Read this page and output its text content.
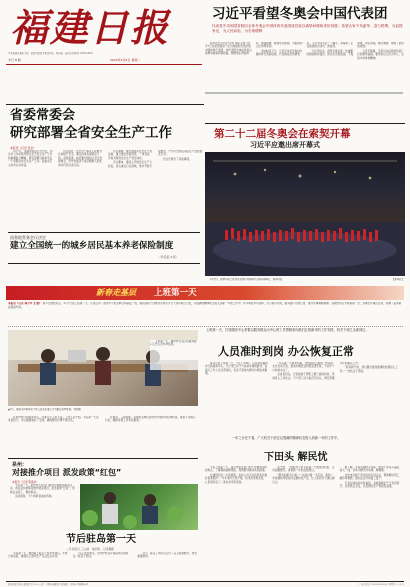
福建日报
中共福建省委机关报 · 福建日报报业集团出版 · 国内统一连续出版物号 CN35-0001
2022年2月8日 星期二
今日 8 版
习近平看望冬奥会中国代表团
代表党中央和国务院向全体冬奥会中国体育代表团成员致以诚挚问候和美好祝愿；希望大家不负韶华、奋力拼搏，为祖国争光，为人民添彩，为冬奥增辉

新华社北京2月7日电 国家主席习近平7日在索契看望了在当地参加冬奥会的中国体育代表团，向代表团全体成员致以诚挚问候和新春祝福，勉励他们再接再厉、顽强拼搏，取得优异成绩，为祖国和人民争得荣誉。

当地时间下午，习近平来到冬奥村中国体育代表团驻地，代表团成员热情欢迎。习近平同大家一一握手，并看望了正在备战的运动员、教练员。

习近平指出，索契冬奥会是一次重要的国际体育盛会。同志们远离祖国，不畏艰难，刻苦训练，敢打敢拼，取得了很好的成绩。

习近平强调，冬季运动在我国有着广泛的群众基础。要坚持以人民为中心，弘扬中华体育精神。

省委常委会
研究部署全省安全生产工作
本报讯（记者 吴洪）

2月7日，省委常委会召开会议，传达学习中央领导同志关于安全生产工作的重要批示精神，研究部署当前和今后一个时期全省安全生产工作。省委书记主持会议并讲话。

会议指出，安全生产事关人民群众生命财产安全，事关改革发展稳定大局。各级党委、政府要牢固树立安全发展理念，坚守发展决不能以牺牲人的生命为代价这条红线。

会议强调，要全面落实安全生产责任制，建立健全党政同责、一岗双责、齐抓共管的安全生产责任体系。

会议要求，要深入开展安全生产大检查，突出重点行业领域，集中开展专项整治，严厉打击非法违法生产经营建设行为。

会议还研究了其他事项。

第二十二届冬奥会在索契开幕
习近平应邀出席开幕式
2月7日，索契冬奥会开幕式在菲什特奥林匹克体育场举行。新华社发	【新华社】
国务院常务会议决定
建立全国统一的城乡居民基本养老保险制度
（详见第 4 版）
新春走基层 上班第一天
本报讯（记者 林宇华 文/图） 春节长假结束后，2月7日是上班第一天。记者走访了省内多个机关单位和基层一线，看到各地干部群众迅速从节日气氛中收心归位，以饱满的精神状态投入到新一年的工作中。许多单位早早到岗，办公秩序井然，服务窗口运转正常，群众办事顺畅便捷。各地纷纷召开新春第一会，部署全年重点任务，吹响了奋进新征程的号角。

上班第一天，福州市仓山区各服务窗口工作人员早早到岗。

上班第一天，打造服务中心带着以服务群众为中心的工作思路来向我们汇报新年的工作安排，机关干部已全部到位。
人员准时到岗 办公恢复正常

春节过后上班第一天，7日上午8时，记者来到福州市行政服务中心，大厅里已有不少前来办事的群众。各窗口工作人员全部到位，有条不紊地为群众办理各类事项。

“节后第一天就来办事，没想到这么顺利。”市民陈先生告诉记者，他来办理营业执照变更手续，不到半个小时就办完了。

在省直机关，记者看到干部职工都已按时到岗，迅速进入工作状态。不少部门当天就召开会议，研究部署今年的重点工作。

“新年新气象，我们要以更加饱满的热情投入工作。”一位机关干部说。

▲7日，泉州市区某单位工作人员在办事大厅为群众办理业务。林伟摄

在泉州市行政服务中心，办事大厅人来人往。工作人员介绍，节后第一天业务量较大，中心提前做好了安排，确保群众办事不排长队。

在莆田、三明等地，各级机关单位也纷纷开展作风纪律检查，督促干部收心归位，确保各项工作有序推进。

一年之计在于春，广大机关干部正以饱满的精神状态投入到新一年的工作中。
下田头 解民忧

节后上班第一天，南平市农业部门的干部就来到田间地头，了解春耕备耕情况，帮助群众解决实际困难。

在建阳区的一片茶园里，农技人员正在指导茶农做好春茶管护。“今年茶叶长势不错，技术员来得及时，心里更有底了。”茶农老李笑着说。

在宁德，一批驻村干部节后第一天就返回村里，走访困难群众，谋划新一年的发展项目。

“群众的事无小事。”一位驻村第一书记说，新的一年将继续带领村民发展特色产业，让大家的日子越过越红火。

据了解，全省各地结合实际，组织干部深入基层、深入一线，切实为群众办实事、解难题。

龙岩市各级干部也纷纷走进企业，帮助解决用工、融资等难题，推动企业尽快复工复产。

记者在漳州采访时看到，各地春耕生产正有序展开，农资供应充足，农民群众生产积极性高涨。

泉州：
对接推介项目 派发政策“红包”
本报讯（记者 陈燕华）

节后第一天，泉州市人社部门组织开展就业服务活动，向企业和求职者推介就业项目，派发政策“红包”，帮助企业招工、群众就业。

活动现场，不少求职者前来咨询。

节后驻岛第一天
二月初四日 三山前 · 福州讯 · 记者摄影

节后第一天，福州海上驻岛干部早早登岛，开展日常巡查，确保岛上群众生产生活安全有序。

“岛上条件艰苦，但守护好这片海是我们的责任。”驻岛干部说。

当天，驻岛工作队还走访了岛上困难群众，送去新春慰问。

福州日报社出版 邮发代号 33-1 订阅：全国各地邮局 本报地址：福州市华林路84号	广告许可证 3500004000001 零售价 1.50 元
